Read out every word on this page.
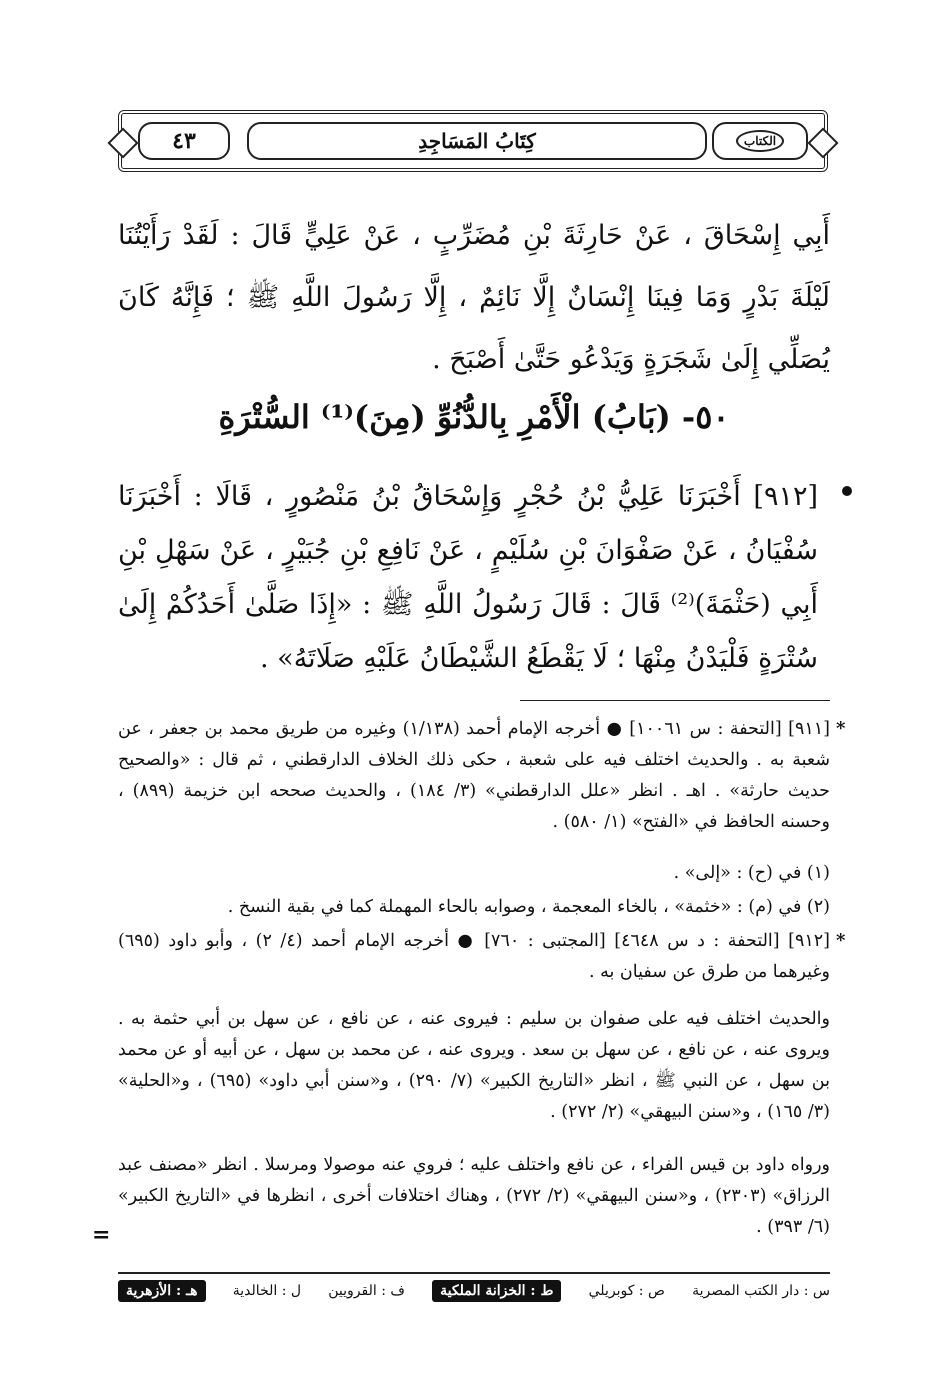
٤٣	كِتَابُ المَسَاجِدِ	الكتاب
أَبِي إِسْحَاقَ ، عَنْ حَارِثَةَ بْنِ مُضَرِّبٍ ، عَنْ عَلِيٍّ قَالَ : لَقَدْ رَأَيْتُنَا لَيْلَةَ بَدْرٍ وَمَا فِينَا إِنْسَانٌ إِلَّا نَائِمٌ ، إِلَّا رَسُولَ اللَّهِ ﷺ ؛ فَإِنَّهُ كَانَ يُصَلِّي إِلَىٰ شَجَرَةٍ وَيَدْعُو حَتَّىٰ أَصْبَحَ .
٥٠- (بَابُ) الْأَمْرِ بِالدُّنُوِّ (مِنَ)⁽¹⁾ السُّتْرَةِ
[٩١٢] أَخْبَرَنَا عَلِيُّ بْنُ حُجْرٍ وَإِسْحَاقُ بْنُ مَنْصُورٍ ، قَالَا : أَخْبَرَنَا سُفْيَانُ ، عَنْ صَفْوَانَ بْنِ سُلَيْمٍ ، عَنْ نَافِعِ بْنِ جُبَيْرٍ ، عَنْ سَهْلِ بْنِ أَبِي (حَثْمَةَ)⁽²⁾ قَالَ : قَالَ رَسُولُ اللَّهِ ﷺ : «إِذَا صَلَّىٰ أَحَدُكُمْ إِلَىٰ سُتْرَةٍ فَلْيَدْنُ مِنْهَا ؛ لَا يَقْطَعُ الشَّيْطَانُ عَلَيْهِ صَلَاتَهُ» .
*
[٩١١] [التحفة : س ١٠٠٦١] ● أخرجه الإمام أحمد (١/١٣٨) وغيره من طريق محمد بن جعفر ، عن شعبة به . والحديث اختلف فيه على شعبة ، حكى ذلك الخلاف الدارقطني ، ثم قال : «والصحيح حديث حارثة» . اهـ . انظر «علل الدارقطني» (٣/ ١٨٤) ، والحديث صححه ابن خزيمة (٨٩٩) ، وحسنه الحافظ في «الفتح» (١/ ٥٨٠) .
(١) في (ح) : «إلى» .
(٢) في (م) : «خثمة» ، بالخاء المعجمة ، وصوابه بالحاء المهملة كما في بقية النسخ .
*
[٩١٢] [التحفة : د س ٤٦٤٨] [المجتبى : ٧٦٠] ● أخرجه الإمام أحمد (٤/ ٢) ، وأبو داود (٦٩٥) وغيرهما من طرق عن سفيان به .
والحديث اختلف فيه على صفوان بن سليم : فيروى عنه ، عن نافع ، عن سهل بن أبي حثمة به . ويروى عنه ، عن نافع ، عن سهل بن سعد . ويروى عنه ، عن محمد بن سهل ، عن أبيه أو عن محمد بن سهل ، عن النبي ﷺ ، انظر «التاريخ الكبير» (٧/ ٢٩٠) ، و«سنن أبي داود» (٦٩٥) ، و«الحلية» (٣/ ١٦٥) ، و«سنن البيهقي» (٢/ ٢٧٢) .
ورواه داود بن قيس الفراء ، عن نافع واختلف عليه ؛ فروي عنه موصولا ومرسلا . انظر «مصنف عبد الرزاق» (٢٣٠٣) ، و«سنن البيهقي» (٢/ ٢٧٢) ، وهناك اختلافات أخرى ، انظرها في «التاريخ الكبير» (٦/ ٣٩٣) .
=
س : دار الكتب المصرية
ص : كوبريلي
ط : الخزانة الملكية
ف : القرويين
ل : الخالدية
هـ : الأزهرية
